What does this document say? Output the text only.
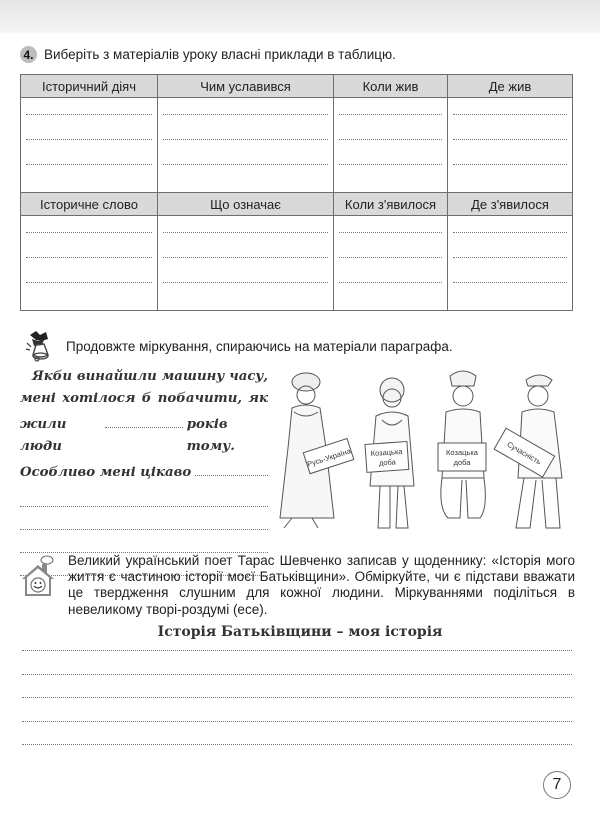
4. Виберіть з матеріалів уроку власні приклади в таблицю.
Історичний діяч	Чим уславився	Коли жив	Де жив

Історичне слово	Що означає	Коли з'явилося	Де з'явилося

Продовжте міркування, спираючись на матеріали параграфа.

Якби винайшли машину часу, мені хотілося б побачити, як

жили люди
років тому.
Особливо мені цікаво
Русь-Україна Козацька
доба
Козацька
доба	Сучасність
Великий український поет Тарас Шевченко записав у щоденнику: «Історія мого життя є частиною історії моєї Батьківщини». Обміркуйте, чи є підстави вважати це твердження слушним для кожної людини. Міркуваннями поділіться в невеликому творі-роздумі (есе).
Історія Батьківщини – моя історія
7
